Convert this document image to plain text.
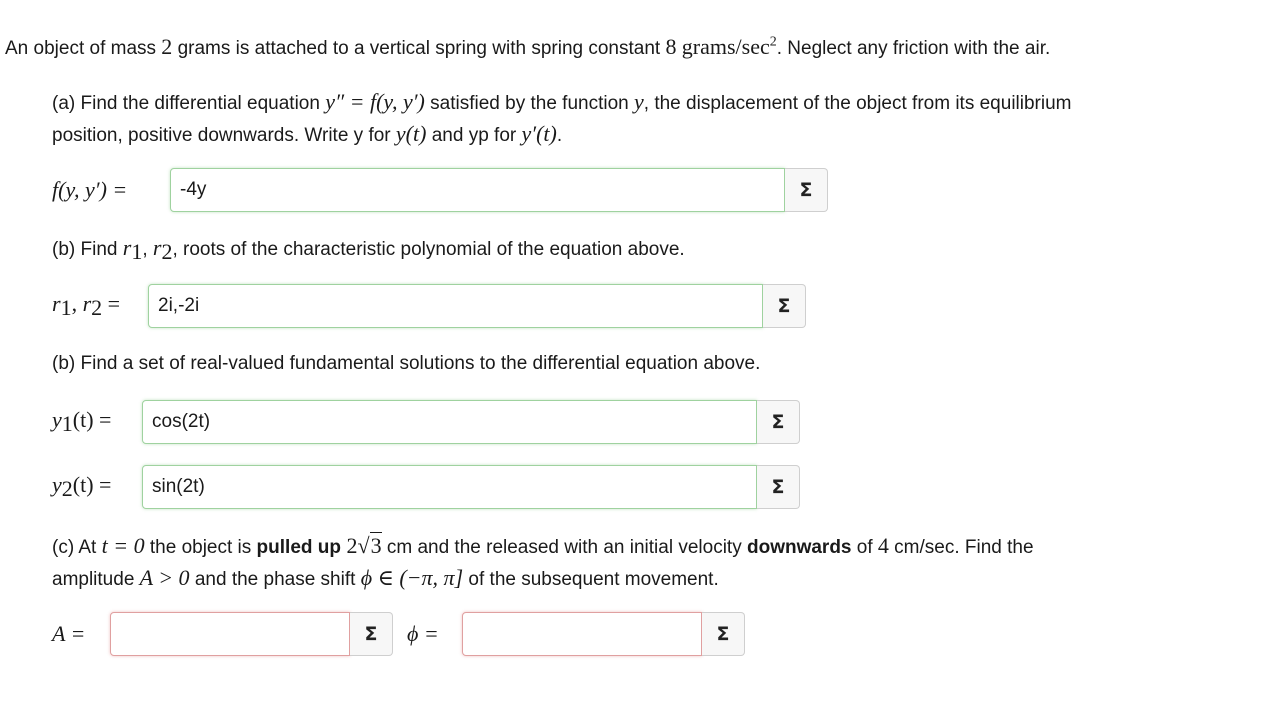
An object of mass 2 grams is attached to a vertical spring with spring constant 8 grams/$\sec^2$. Neglect any friction with the air.
(a) Find the differential equation y″ = f(y, y′) satisfied by the function y, the displacement of the object from its equilibrium
position, positive downwards. Write y for y(t) and yp for y′(t).
f(y, y′) =
-4y	Σ
(b) Find $r_1$, $r_2$, roots of the characteristic polynomial of the equation above.
$r_1$, $r_2$ =
2i,-2i	Σ
(b) Find a set of real-valued fundamental solutions to the differential equation above.
$y_1(t)$ =
cos(2t)	Σ
$y_2(t)$ =
sin(2t)	Σ
(c) At t = 0 the object is pulled up 2√3 cm and the released with an initial velocity downwards of 4 cm/sec. Find the
amplitude A > 0 and the phase shift ϕ ∈ (−π, π] of the subsequent movement.
A =	Σ	ϕ =	Σ
